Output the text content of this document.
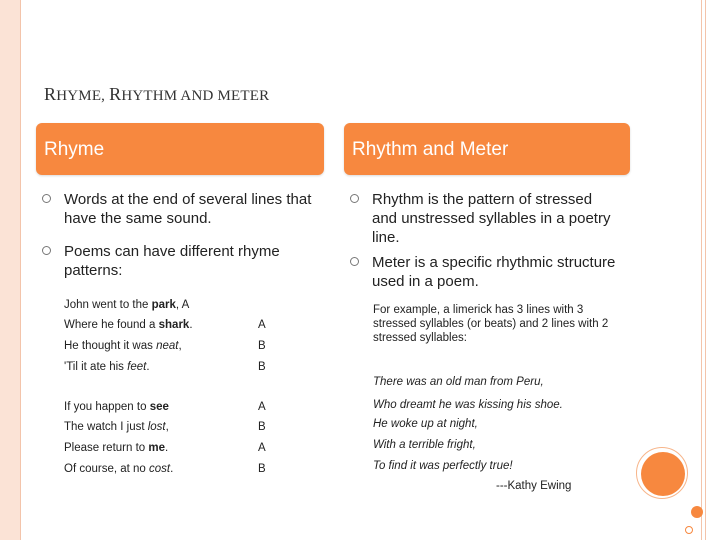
RHYME, RHYTHM AND METER
Rhyme	Rhythm and Meter
Words at the end of several lines that have the same sound.
Poems can have different rhyme patterns:
Rhythm is the pattern of stressed and unstressed syllables in a poetry line.
Meter is a specific rhythmic structure used in a poem.
John went to the park, A
Where he found a shark.	A
He thought it was neat,	B
'Til it ate his feet.	B
If you happen to see	A
The watch I just lost,	B
Please return to me.	A
Of course, at no cost.	B
For example, a limerick has 3 lines with 3 stressed syllables (or beats) and 2 lines with 2 stressed syllables:
There was an old man from Peru,
Who dreamt he was kissing his shoe.
He woke up at night,
With a terrible fright,
To find it was perfectly true!
---Kathy Ewing
